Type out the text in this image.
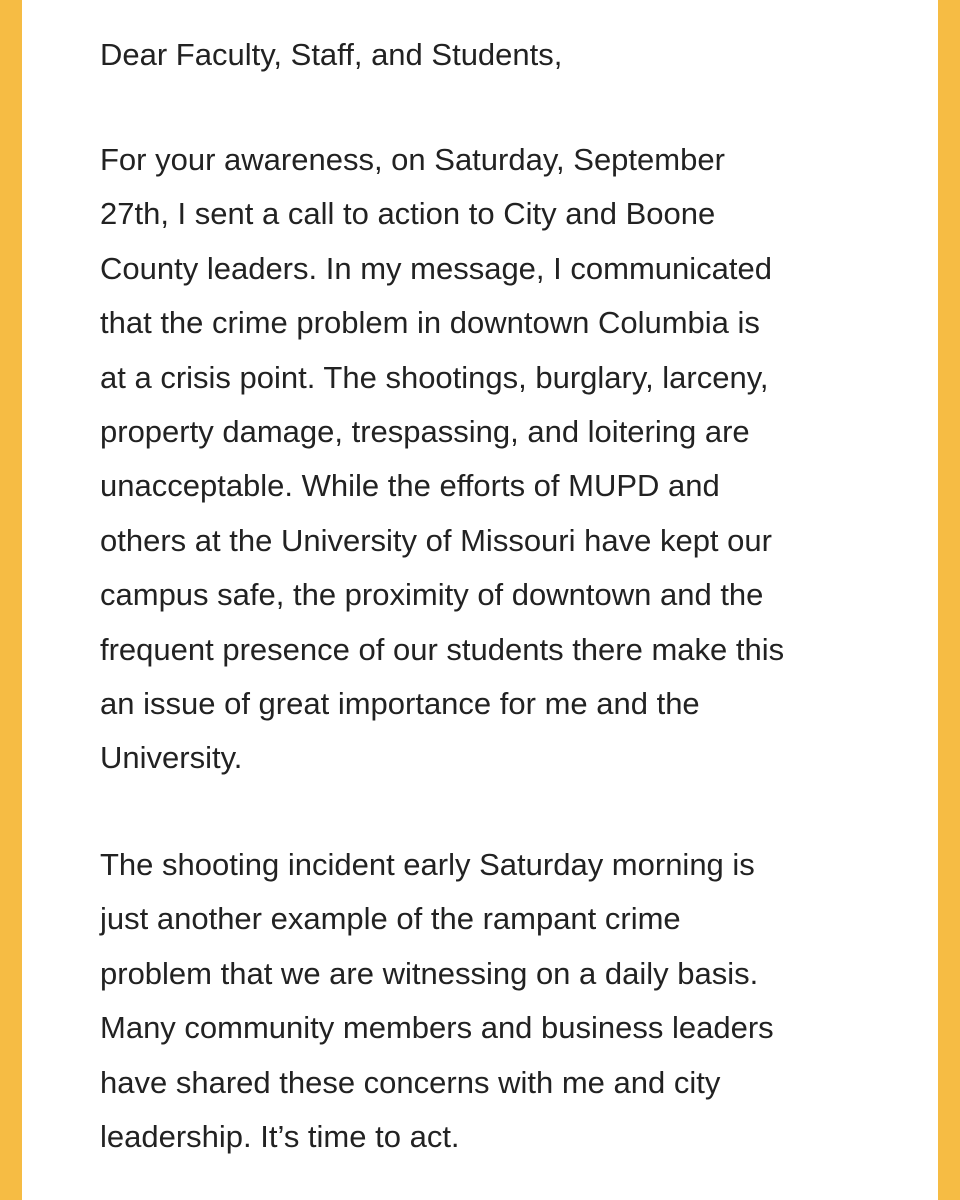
Dear Faculty, Staff, and Students,

For your awareness, on Saturday, September
27th, I sent a call to action to City and Boone
County leaders. In my message, I communicated
that the crime problem in downtown Columbia is
at a crisis point. The shootings, burglary, larceny,
property damage, trespassing, and loitering are
unacceptable. While the efforts of MUPD and
others at the University of Missouri have kept our
campus safe, the proximity of downtown and the
frequent presence of our students there make this
an issue of great importance for me and the
University.

The shooting incident early Saturday morning is
just another example of the rampant crime
problem that we are witnessing on a daily basis.
Many community members and business leaders
have shared these concerns with me and city
leadership. It’s time to act.
